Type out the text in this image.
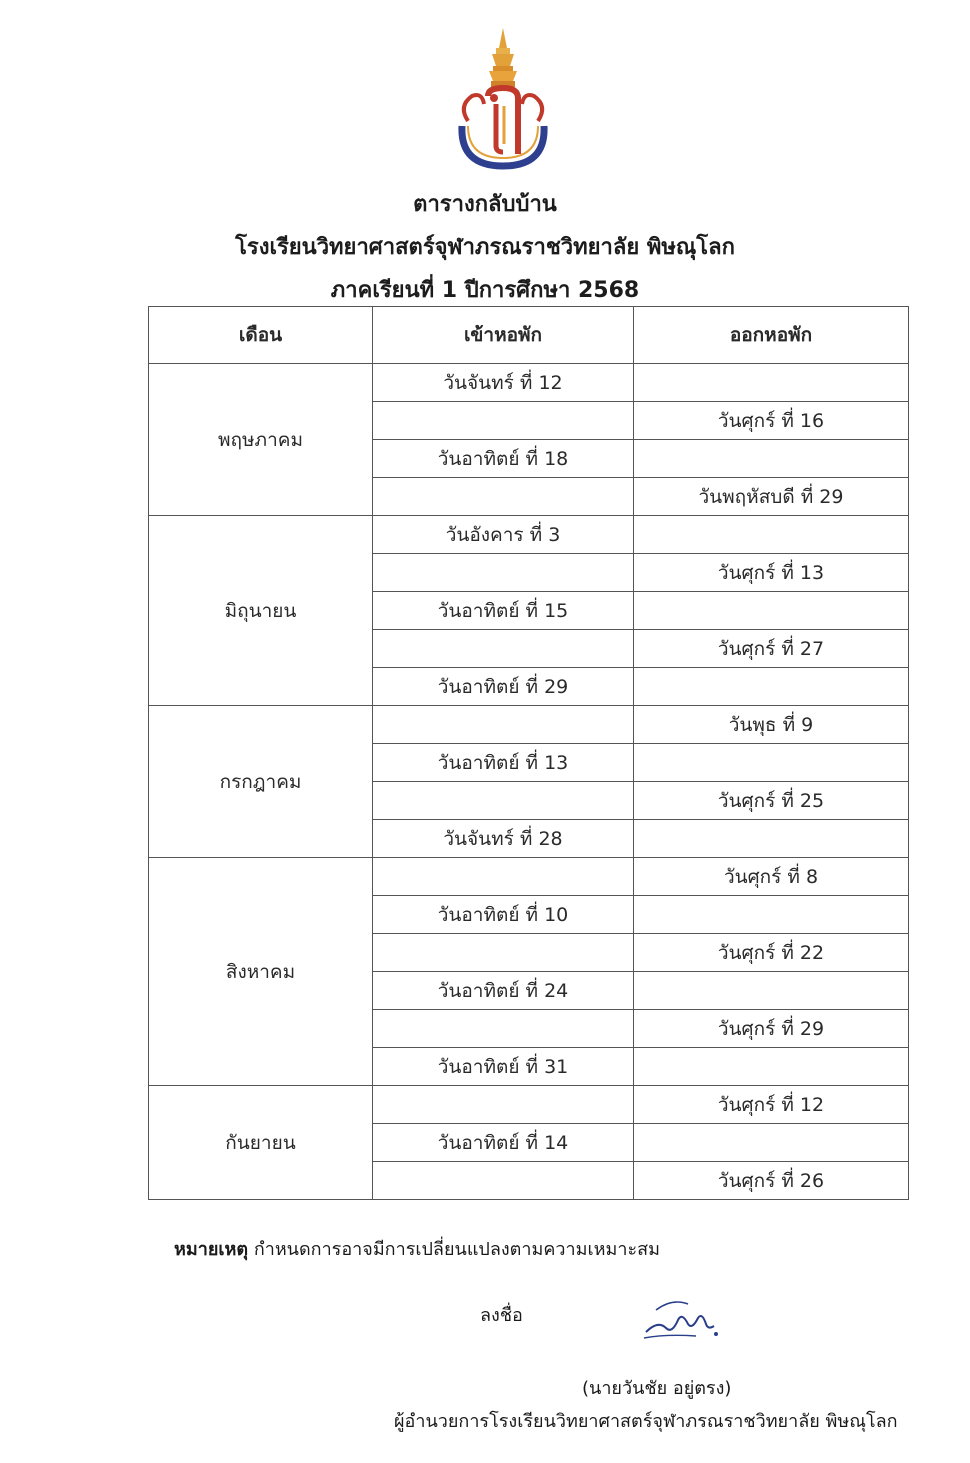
ตารางกลับบ้าน
โรงเรียนวิทยาศาสตร์จุฬาภรณราชวิทยาลัย พิษณุโลก
ภาคเรียนที่ 1 ปีการศึกษา 2568
เดือน	เข้าหอพัก	ออกหอพัก
พฤษภาคม	วันจันทร์ ที่ 12	
		วันศุกร์ ที่ 16
	วันอาทิตย์ ที่ 18	
		วันพฤหัสบดี ที่ 29
มิถุนายน	วันอังคาร ที่ 3	
		วันศุกร์ ที่ 13
	วันอาทิตย์ ที่ 15	
		วันศุกร์ ที่ 27
	วันอาทิตย์ ที่ 29	
กรกฎาคม		วันพุธ ที่ 9
	วันอาทิตย์ ที่ 13	
		วันศุกร์ ที่ 25
	วันจันทร์ ที่ 28	
สิงหาคม		วันศุกร์ ที่ 8
	วันอาทิตย์ ที่ 10	
		วันศุกร์ ที่ 22
	วันอาทิตย์ ที่ 24	
		วันศุกร์ ที่ 29
	วันอาทิตย์ ที่ 31	
กันยายน		วันศุกร์ ที่ 12
	วันอาทิตย์ ที่ 14	
		วันศุกร์ ที่ 26
หมายเหตุ กำหนดการอาจมีการเปลี่ยนแปลงตามความเหมาะสม
ลงชื่อ
(นายวันชัย อยู่ตรง)
ผู้อำนวยการโรงเรียนวิทยาศาสตร์จุฬาภรณราชวิทยาลัย พิษณุโลก
